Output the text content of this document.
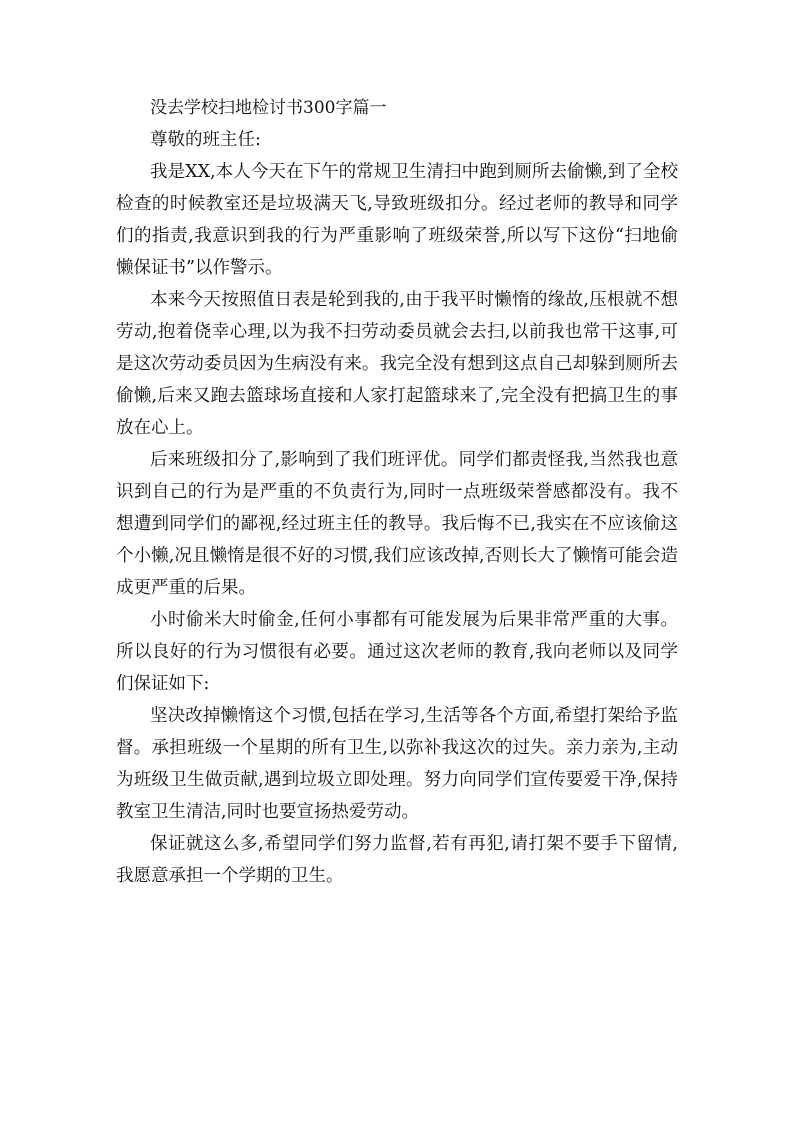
没去学校扫地检讨书300字篇一

尊敬的班主任:

我是XX,本人今天在下午的常规卫生清扫中跑到厕所去偷懒,到了全校检查的时候教室还是垃圾满天飞,导致班级扣分。经过老师的教导和同学们的指责,我意识到我的行为严重影响了班级荣誉,所以写下这份“扫地偷懒保证书”以作警示。

本来今天按照值日表是轮到我的,由于我平时懒惰的缘故,压根就不想劳动,抱着侥幸心理,以为我不扫劳动委员就会去扫,以前我也常干这事,可是这次劳动委员因为生病没有来。我完全没有想到这点自己却躲到厕所去偷懒,后来又跑去篮球场直接和人家打起篮球来了,完全没有把搞卫生的事放在心上。

后来班级扣分了,影响到了我们班评优。同学们都责怪我,当然我也意识到自己的行为是严重的不负责行为,同时一点班级荣誉感都没有。我不想遭到同学们的鄙视,经过班主任的教导。我后悔不已,我实在不应该偷这个小懒,况且懒惰是很不好的习惯,我们应该改掉,否则长大了懒惰可能会造成更严重的后果。

小时偷米大时偷金,任何小事都有可能发展为后果非常严重的大事。所以良好的行为习惯很有必要。通过这次老师的教育,我向老师以及同学们保证如下:

坚决改掉懒惰这个习惯,包括在学习,生活等各个方面,希望打架给予监督。承担班级一个星期的所有卫生,以弥补我这次的过失。亲力亲为,主动为班级卫生做贡献,遇到垃圾立即处理。努力向同学们宣传要爱干净,保持教室卫生清洁,同时也要宣扬热爱劳动。

保证就这么多,希望同学们努力监督,若有再犯,请打架不要手下留情,我愿意承担一个学期的卫生。
